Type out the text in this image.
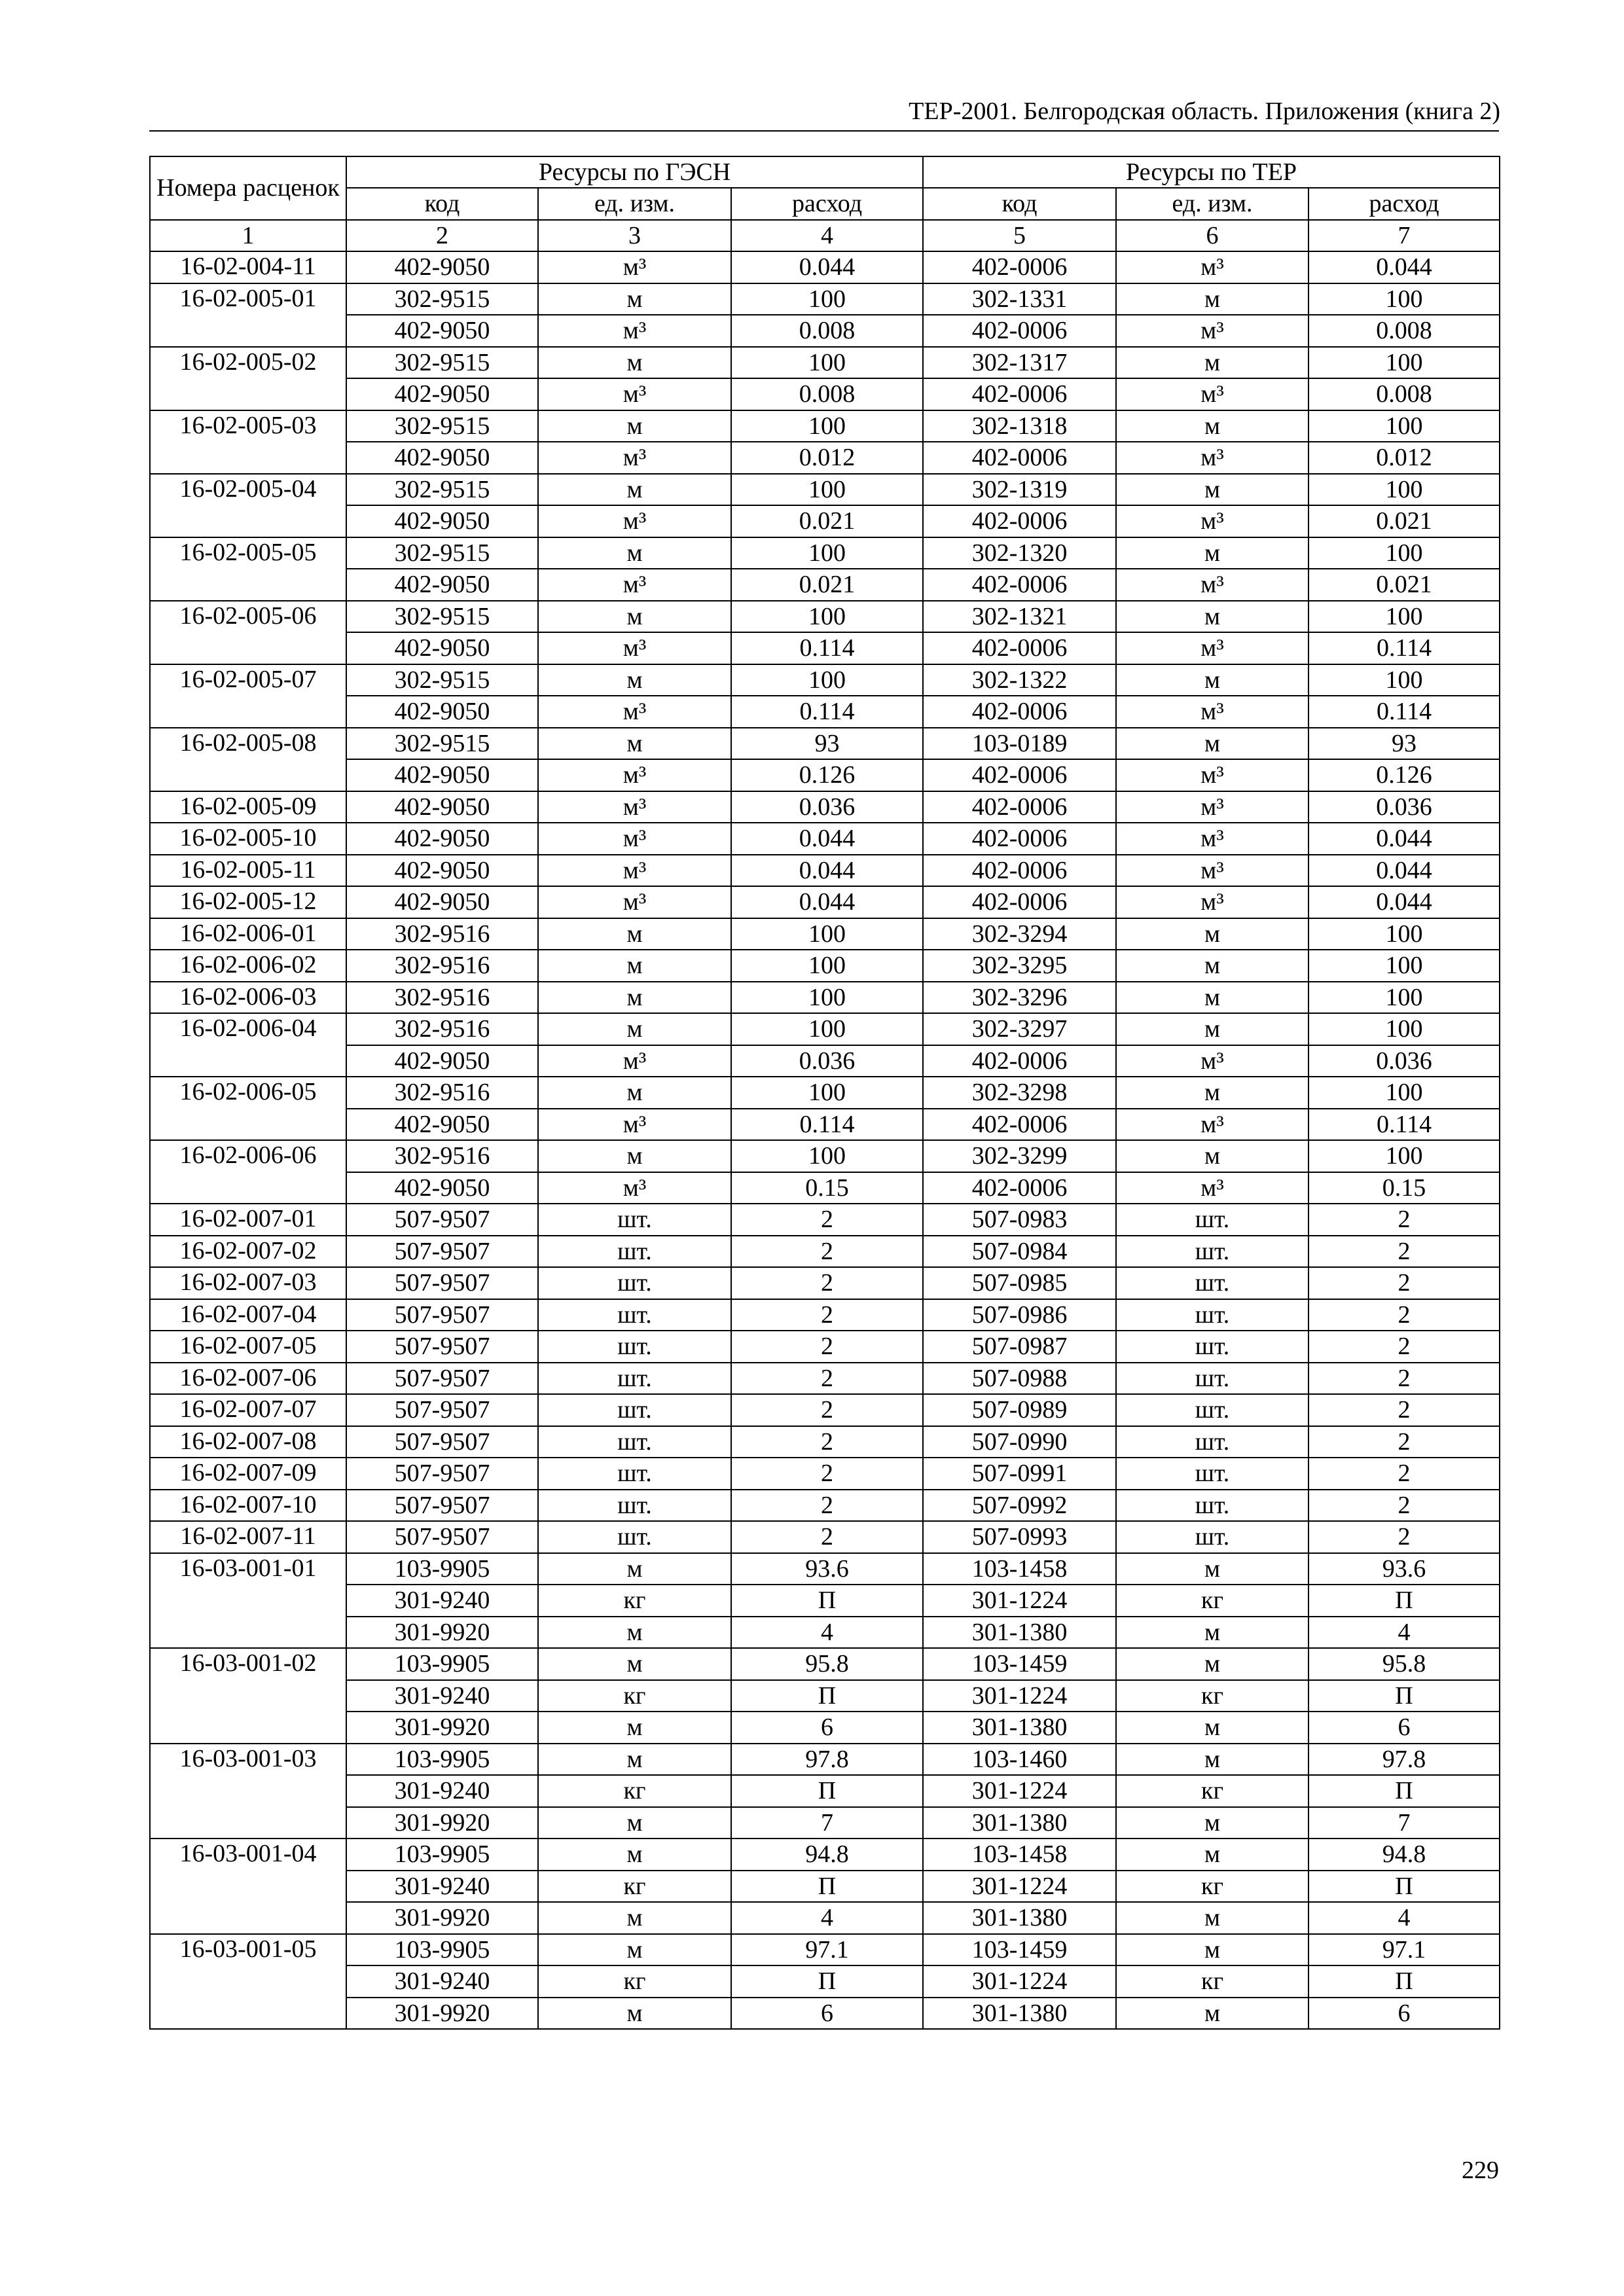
ТЕР-2001. Белгородская область. Приложения (книга 2)
Номера расценок	Ресурсы по ГЭСН			Ресурсы по ТЕР		
	код	ед. изм.	расход	код	ед. изм.	расход
1	2	3	4	5	6	7
16-02-004-11	402-9050	м³	0.044	402-0006	м³	0.044
16-02-005-01	302-9515	м	100	302-1331	м	100
	402-9050	м³	0.008	402-0006	м³	0.008
16-02-005-02	302-9515	м	100	302-1317	м	100
	402-9050	м³	0.008	402-0006	м³	0.008
16-02-005-03	302-9515	м	100	302-1318	м	100
	402-9050	м³	0.012	402-0006	м³	0.012
16-02-005-04	302-9515	м	100	302-1319	м	100
	402-9050	м³	0.021	402-0006	м³	0.021
16-02-005-05	302-9515	м	100	302-1320	м	100
	402-9050	м³	0.021	402-0006	м³	0.021
16-02-005-06	302-9515	м	100	302-1321	м	100
	402-9050	м³	0.114	402-0006	м³	0.114
16-02-005-07	302-9515	м	100	302-1322	м	100
	402-9050	м³	0.114	402-0006	м³	0.114
16-02-005-08	302-9515	м	93	103-0189	м	93
	402-9050	м³	0.126	402-0006	м³	0.126
16-02-005-09	402-9050	м³	0.036	402-0006	м³	0.036
16-02-005-10	402-9050	м³	0.044	402-0006	м³	0.044
16-02-005-11	402-9050	м³	0.044	402-0006	м³	0.044
16-02-005-12	402-9050	м³	0.044	402-0006	м³	0.044
16-02-006-01	302-9516	м	100	302-3294	м	100
16-02-006-02	302-9516	м	100	302-3295	м	100
16-02-006-03	302-9516	м	100	302-3296	м	100
16-02-006-04	302-9516	м	100	302-3297	м	100
	402-9050	м³	0.036	402-0006	м³	0.036
16-02-006-05	302-9516	м	100	302-3298	м	100
	402-9050	м³	0.114	402-0006	м³	0.114
16-02-006-06	302-9516	м	100	302-3299	м	100
	402-9050	м³	0.15	402-0006	м³	0.15
16-02-007-01	507-9507	шт.	2	507-0983	шт.	2
16-02-007-02	507-9507	шт.	2	507-0984	шт.	2
16-02-007-03	507-9507	шт.	2	507-0985	шт.	2
16-02-007-04	507-9507	шт.	2	507-0986	шт.	2
16-02-007-05	507-9507	шт.	2	507-0987	шт.	2
16-02-007-06	507-9507	шт.	2	507-0988	шт.	2
16-02-007-07	507-9507	шт.	2	507-0989	шт.	2
16-02-007-08	507-9507	шт.	2	507-0990	шт.	2
16-02-007-09	507-9507	шт.	2	507-0991	шт.	2
16-02-007-10	507-9507	шт.	2	507-0992	шт.	2
16-02-007-11	507-9507	шт.	2	507-0993	шт.	2
16-03-001-01	103-9905	м	93.6	103-1458	м	93.6
	301-9240	кг	П	301-1224	кг	П
	301-9920	м	4	301-1380	м	4
16-03-001-02	103-9905	м	95.8	103-1459	м	95.8
	301-9240	кг	П	301-1224	кг	П
	301-9920	м	6	301-1380	м	6
16-03-001-03	103-9905	м	97.8	103-1460	м	97.8
	301-9240	кг	П	301-1224	кг	П
	301-9920	м	7	301-1380	м	7
16-03-001-04	103-9905	м	94.8	103-1458	м	94.8
	301-9240	кг	П	301-1224	кг	П
	301-9920	м	4	301-1380	м	4
16-03-001-05	103-9905	м	97.1	103-1459	м	97.1
	301-9240	кг	П	301-1224	кг	П
	301-9920	м	6	301-1380	м	6
229
